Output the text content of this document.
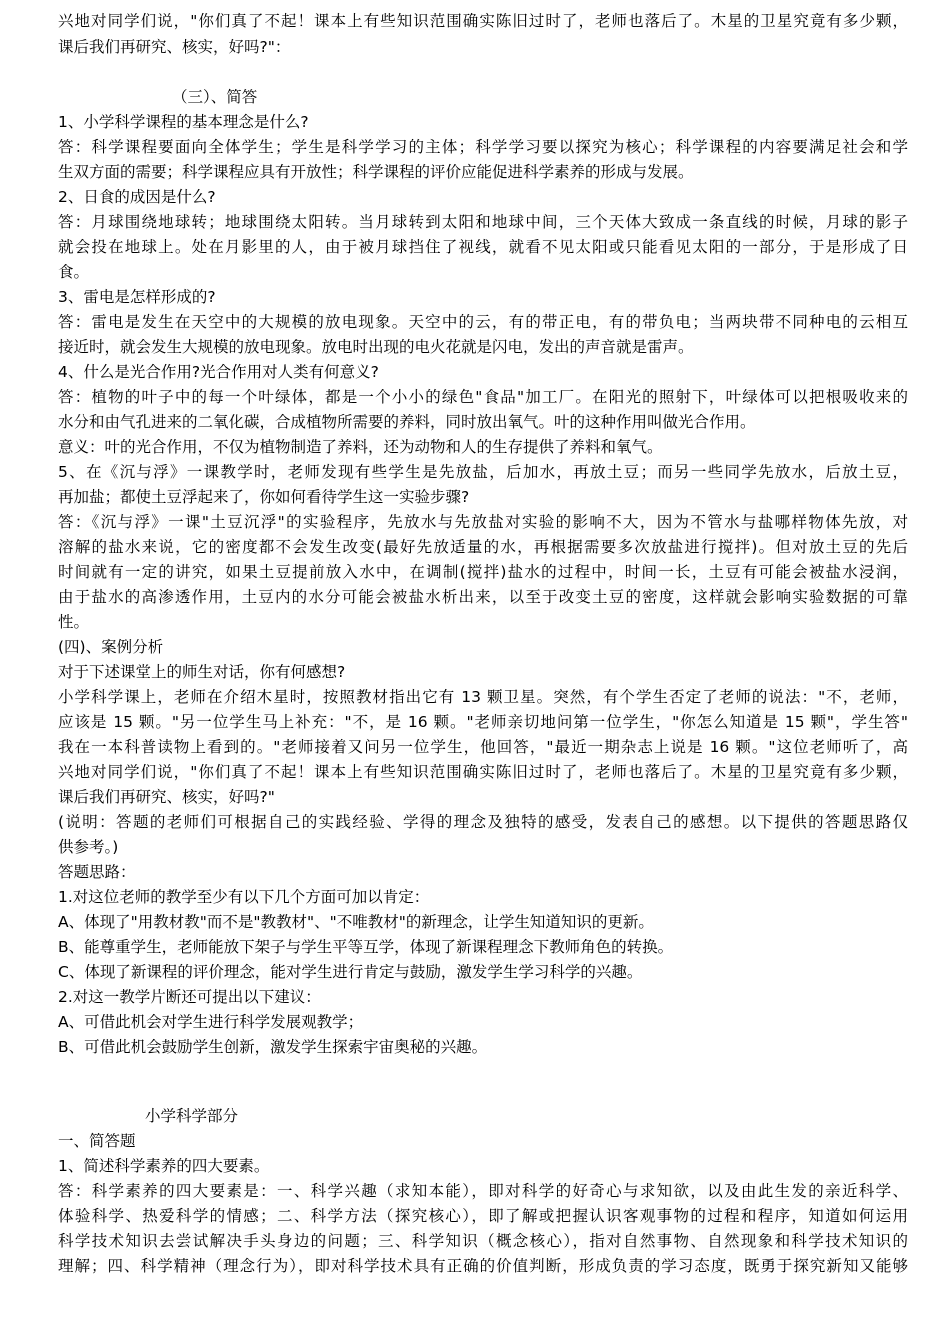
兴地对同学们说，"你们真了不起！课本上有些知识范围确实陈旧过时了，老师也落后了。木星的卫星究竟有多少颗，
课后我们再研究、核实，好吗?"：
（三）、简答
1、小学科学课程的基本理念是什么?
答：科学课程要面向全体学生；学生是科学学习的主体；科学学习要以探究为核心；科学课程的内容要满足社会和学
生双方面的需要；科学课程应具有开放性；科学课程的评价应能促进科学素养的形成与发展。
2、日食的成因是什么?
答：月球围绕地球转；地球围绕太阳转。当月球转到太阳和地球中间，三个天体大致成一条直线的时候，月球的影子
就会投在地球上。处在月影里的人，由于被月球挡住了视线，就看不见太阳或只能看见太阳的一部分，于是形成了日
食。
3、雷电是怎样形成的?
答：雷电是发生在天空中的大规模的放电现象。天空中的云，有的带正电，有的带负电；当两块带不同种电的云相互
接近时，就会发生大规模的放电现象。放电时出现的电火花就是闪电，发出的声音就是雷声。
4、什么是光合作用?光合作用对人类有何意义?
答：植物的叶子中的每一个叶绿体，都是一个小小的绿色"食品"加工厂。在阳光的照射下，叶绿体可以把根吸收来的
水分和由气孔进来的二氧化碳，合成植物所需要的养料，同时放出氧气。叶的这种作用叫做光合作用。
意义：叶的光合作用，不仅为植物制造了养料，还为动物和人的生存提供了养料和氧气。
5、在《沉与浮》一课教学时，老师发现有些学生是先放盐，后加水，再放土豆；而另一些同学先放水，后放土豆，
再加盐；都使土豆浮起来了，你如何看待学生这一实验步骤?
答：《沉与浮》一课"土豆沉浮"的实验程序，先放水与先放盐对实验的影响不大，因为不管水与盐哪样物体先放，对
溶解的盐水来说，它的密度都不会发生改变(最好先放适量的水，再根据需要多次放盐进行搅拌)。但对放土豆的先后
时间就有一定的讲究，如果土豆提前放入水中，在调制(搅拌)盐水的过程中，时间一长，土豆有可能会被盐水浸润，
由于盐水的高渗透作用，土豆内的水分可能会被盐水析出来，以至于改变土豆的密度，这样就会影响实验数据的可靠
性。
(四)、案例分析
对于下述课堂上的师生对话，你有何感想?
小学科学课上，老师在介绍木星时，按照教材指出它有 13 颗卫星。突然，有个学生否定了老师的说法："不，老师，
应该是 15 颗。"另一位学生马上补充："不，是 16 颗。"老师亲切地问第一位学生，"你怎么知道是 15 颗"，学生答"
我在一本科普读物上看到的。"老师接着又问另一位学生，他回答，"最近一期杂志上说是 16 颗。"这位老师听了，高
兴地对同学们说，"你们真了不起！课本上有些知识范围确实陈旧过时了，老师也落后了。木星的卫星究竟有多少颗，
课后我们再研究、核实，好吗?"
(说明：答题的老师们可根据自己的实践经验、学得的理念及独特的感受，发表自己的感想。以下提供的答题思路仅
供参考。)
答题思路：
1.对这位老师的教学至少有以下几个方面可加以肯定：
A、体现了"用教材教"而不是"教教材"、"不唯教材"的新理念，让学生知道知识的更新。
B、能尊重学生，老师能放下架子与学生平等互学，体现了新课程理念下教师角色的转换。
C、体现了新课程的评价理念，能对学生进行肯定与鼓励，激发学生学习科学的兴趣。
2.对这一教学片断还可提出以下建议：
A、可借此机会对学生进行科学发展观教学；
B、可借此机会鼓励学生创新，激发学生探索宇宙奥秘的兴趣。
小学科学部分
一、简答题
1、简述科学素养的四大要素。
答：科学素养的四大要素是：一、科学兴趣（求知本能），即对科学的好奇心与求知欲，以及由此生发的亲近科学、
体验科学、热爱科学的情感；二、科学方法（探究核心），即了解或把握认识客观事物的过程和程序，知道如何运用
科学技术知识去尝试解决手头身边的问题；三、科学知识（概念核心），指对自然事物、自然现象和科学技术知识的
理解；四、科学精神（理念行为），即对科学技术具有正确的价值判断，形成负责的学习态度，既勇于探究新知又能够
